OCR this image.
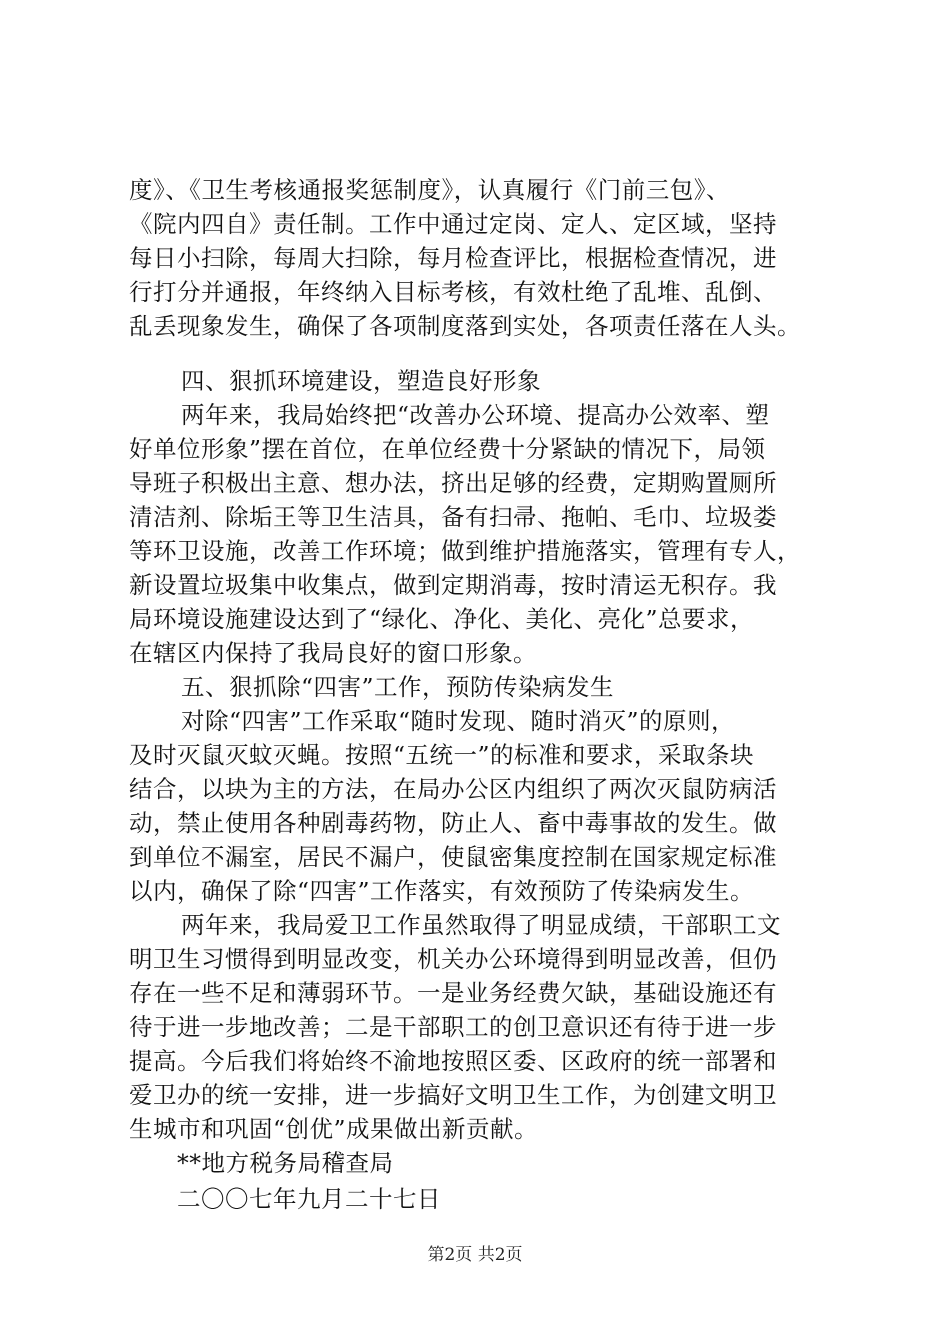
度》、《卫生考核通报奖惩制度》，认真履行《门前三包》、

《院内四自》责任制。工作中通过定岗、定人、定区域，坚持

每日小扫除，每周大扫除，每月检查评比，根据检查情况，进

行打分并通报，年终纳入目标考核，有效杜绝了乱堆、乱倒、

乱丢现象发生，确保了各项制度落到实处，各项责任落在人头。

四、狠抓环境建设，塑造良好形象

两年来，我局始终把“改善办公环境、提高办公效率、塑

好单位形象”摆在首位，在单位经费十分紧缺的情况下，局领

导班子积极出主意、想办法，挤出足够的经费，定期购置厕所

清洁剂、除垢王等卫生洁具，备有扫帚、拖帕、毛巾、垃圾娄

等环卫设施，改善工作环境；做到维护措施落实，管理有专人，

新设置垃圾集中收集点，做到定期消毒，按时清运无积存。我

局环境设施建设达到了“绿化、净化、美化、亮化”总要求，

在辖区内保持了我局良好的窗口形象。

五、狠抓除“四害”工作，预防传染病发生

对除“四害”工作采取“随时发现、随时消灭”的原则，

及时灭鼠灭蚊灭蝇。按照“五统一”的标准和要求，采取条块

结合，以块为主的方法，在局办公区内组织了两次灭鼠防病活

动，禁止使用各种剧毒药物，防止人、畜中毒事故的发生。做

到单位不漏室，居民不漏户，使鼠密集度控制在国家规定标准

以内，确保了除“四害”工作落实，有效预防了传染病发生。

两年来，我局爱卫工作虽然取得了明显成绩，干部职工文

明卫生习惯得到明显改变，机关办公环境得到明显改善，但仍

存在一些不足和薄弱环节。一是业务经费欠缺，基础设施还有

待于进一步地改善；二是干部职工的创卫意识还有待于进一步

提高。今后我们将始终不渝地按照区委、区政府的统一部署和

爱卫办的统一安排，进一步搞好文明卫生工作，为创建文明卫

生城市和巩固“创优”成果做出新贡献。

**地方税务局稽查局

二〇〇七年九月二十七日

第2页 共2页
